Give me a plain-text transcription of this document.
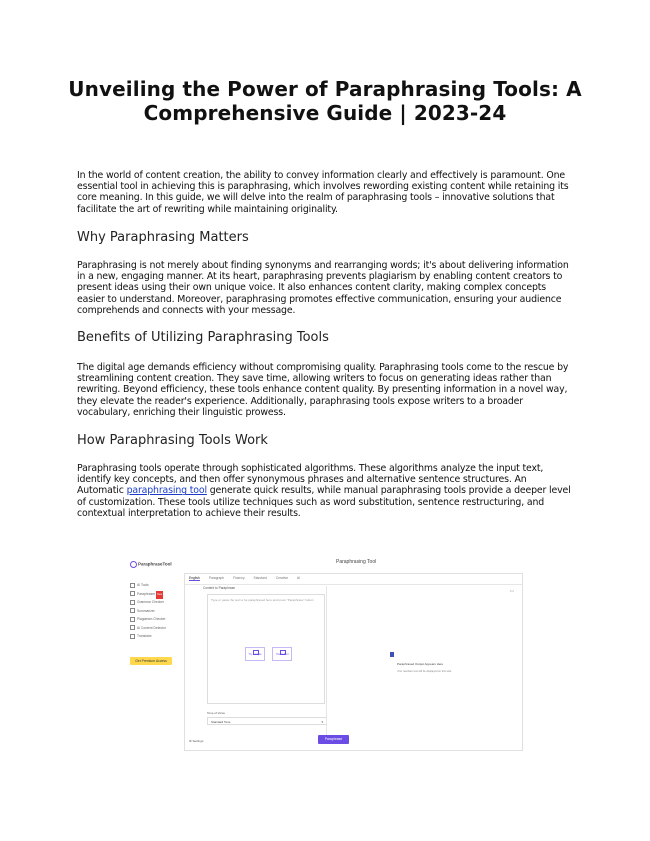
Unveiling the Power of Paraphrasing Tools: A Comprehensive Guide | 2023-24

In the world of content creation, the ability to convey information clearly and effectively is paramount. One essential tool in achieving this is paraphrasing, which involves rewording existing content while retaining its core meaning. In this guide, we will delve into the realm of paraphrasing tools – innovative solutions that facilitate the art of rewriting while maintaining originality.

Why Paraphrasing Matters

Paraphrasing is not merely about finding synonyms and rearranging words; it's about delivering information in a new, engaging manner. At its heart, paraphrasing prevents plagiarism by enabling content creators to present ideas using their own unique voice. It also enhances content clarity, making complex concepts easier to understand. Moreover, paraphrasing promotes effective communication, ensuring your audience comprehends and connects with your message.

Benefits of Utilizing Paraphrasing Tools

The digital age demands efficiency without compromising quality. Paraphrasing tools come to the rescue by streamlining content creation. They save time, allowing writers to focus on generating ideas rather than rewriting. Beyond efficiency, these tools enhance content quality. By presenting information in a novel way, they elevate the reader's experience. Additionally, paraphrasing tools expose writers to a broader vocabulary, enriching their linguistic prowess.

How Paraphrasing Tools Work

Paraphrasing tools operate through sophisticated algorithms. These algorithms analyze the input text, identify key concepts, and then offer synonymous phrases and alternative sentence structures. An Automatic paraphrasing tool generate quick results, while manual paraphrasing tools provide a deeper level of customization. These tools utilize techniques such as word substitution, sentence restructuring, and contextual interpretation to achieve their results.

ParaphraseTool	Paraphrasing Tool
AI Tools
Paraphraser New
Grammar Checker
Summarizer
Plagiarism Checker
AI Content Detector
Translator
Get Premium Access
English	Paragraph	Fluency	Standard	Creative	AI
•••
Content to Paraphrase
Type or paste the text to be paraphrased here and press "Paraphrase" button
Try Sample	Paste Text
Tone of Voice
Standard Tone	▾
Paraphrased Output Appears Here
Your rewritten text will be displayed on this side
⚙ Settings	Paraphrase
